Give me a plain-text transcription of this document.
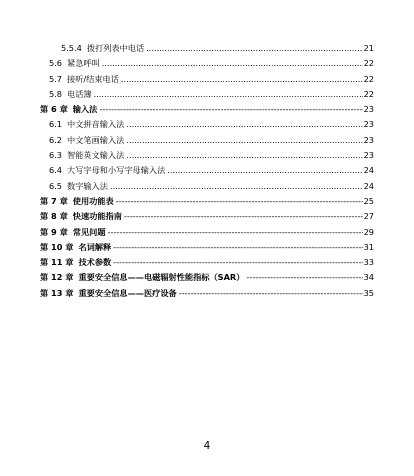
5.5.4 拨打列表中电话 .....	21
5.6 紧急呼叫 .....	22
5.7 接听/结束电话 .....	22
5.8 电话簿 .....	22
第 6 章 输入法 -----	23
6.1 中文拼音输入法 .....	23
6.2 中文笔画输入法 .....	23
6.3 智能英文输入法 .....	23
6.4 大写字母和小写字母输入法 .....	24
6.5 数字输入法 .....	24
第 7 章 使用功能表 -----	25
第 8 章 快速功能指南 -----	27
第 9 章 常见问题 -----	29
第 10 章 名词解释 -----	31
第 11 章 技术参数 -----	33
第 12 章 重要安全信息——电磁辐射性能指标（SAR） -----	34
第 13 章 重要安全信息——医疗设备 -----	35
4
